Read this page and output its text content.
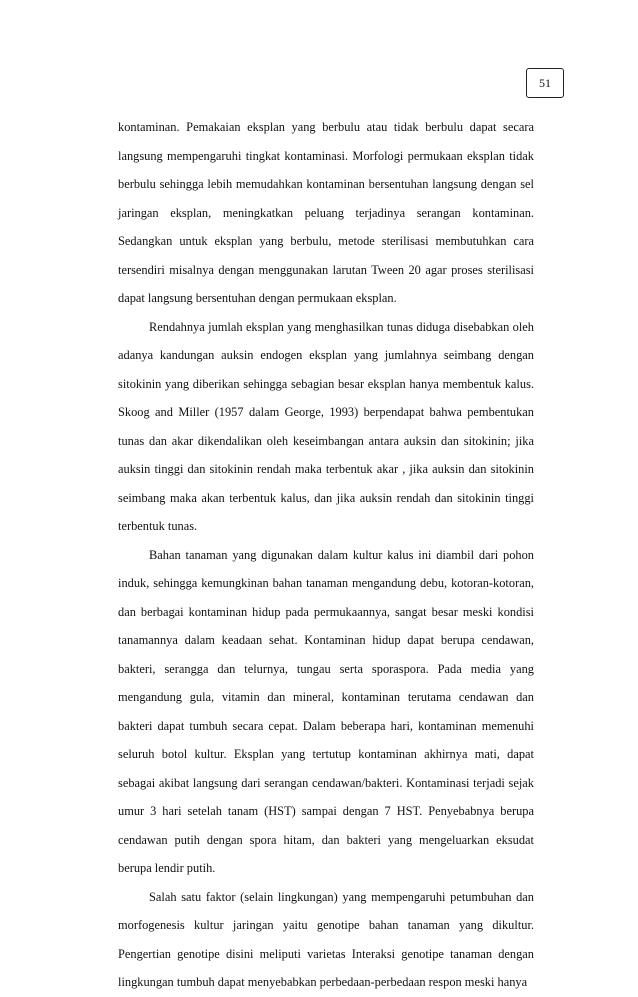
51

kontaminan. Pemakaian eksplan yang berbulu atau tidak berbulu dapat secara langsung mempengaruhi tingkat kontaminasi. Morfologi permukaan eksplan tidak berbulu sehingga lebih memudahkan kontaminan bersentuhan langsung dengan sel jaringan eksplan, meningkatkan peluang terjadinya serangan kontaminan. Sedangkan untuk eksplan yang berbulu, metode sterilisasi membutuhkan cara tersendiri misalnya dengan menggunakan larutan Tween 20 agar proses sterilisasi dapat langsung bersentuhan dengan permukaan eksplan.

Rendahnya jumlah eksplan yang menghasilkan tunas diduga disebabkan oleh adanya kandungan auksin endogen eksplan yang jumlahnya seimbang dengan sitokinin yang diberikan sehingga sebagian besar eksplan hanya membentuk kalus. Skoog and Miller (1957 dalam George, 1993) berpendapat bahwa pembentukan tunas dan akar dikendalikan oleh keseimbangan antara auksin dan sitokinin; jika auksin tinggi dan sitokinin rendah maka terbentuk akar , jika auksin dan sitokinin seimbang maka akan terbentuk kalus, dan jika auksin rendah dan sitokinin tinggi terbentuk tunas.

Bahan tanaman yang digunakan dalam kultur kalus ini diambil dari pohon induk, sehingga kemungkinan bahan tanaman mengandung debu, kotoran-kotoran, dan berbagai kontaminan hidup pada permukaannya, sangat besar meski kondisi tanamannya dalam keadaan sehat. Kontaminan hidup dapat berupa cendawan, bakteri, serangga dan telurnya, tungau serta sporaspora. Pada media yang mengandung gula, vitamin dan mineral, kontaminan terutama cendawan dan bakteri dapat tumbuh secara cepat. Dalam beberapa hari, kontaminan memenuhi seluruh botol kultur. Eksplan yang tertutup kontaminan akhirnya mati, dapat sebagai akibat langsung dari serangan cendawan/bakteri. Kontaminasi terjadi sejak umur 3 hari setelah tanam (HST) sampai dengan 7 HST. Penyebabnya berupa cendawan putih dengan spora hitam, dan bakteri yang mengeluarkan eksudat berupa lendir putih.

Salah satu faktor (selain lingkungan) yang mempengaruhi petumbuhan dan morfogenesis kultur jaringan yaitu genotipe bahan tanaman yang dikultur. Pengertian genotipe disini meliputi varietas Interaksi genotipe tanaman dengan lingkungan tumbuh dapat menyebabkan perbedaan-perbedaan respon meski hanya
